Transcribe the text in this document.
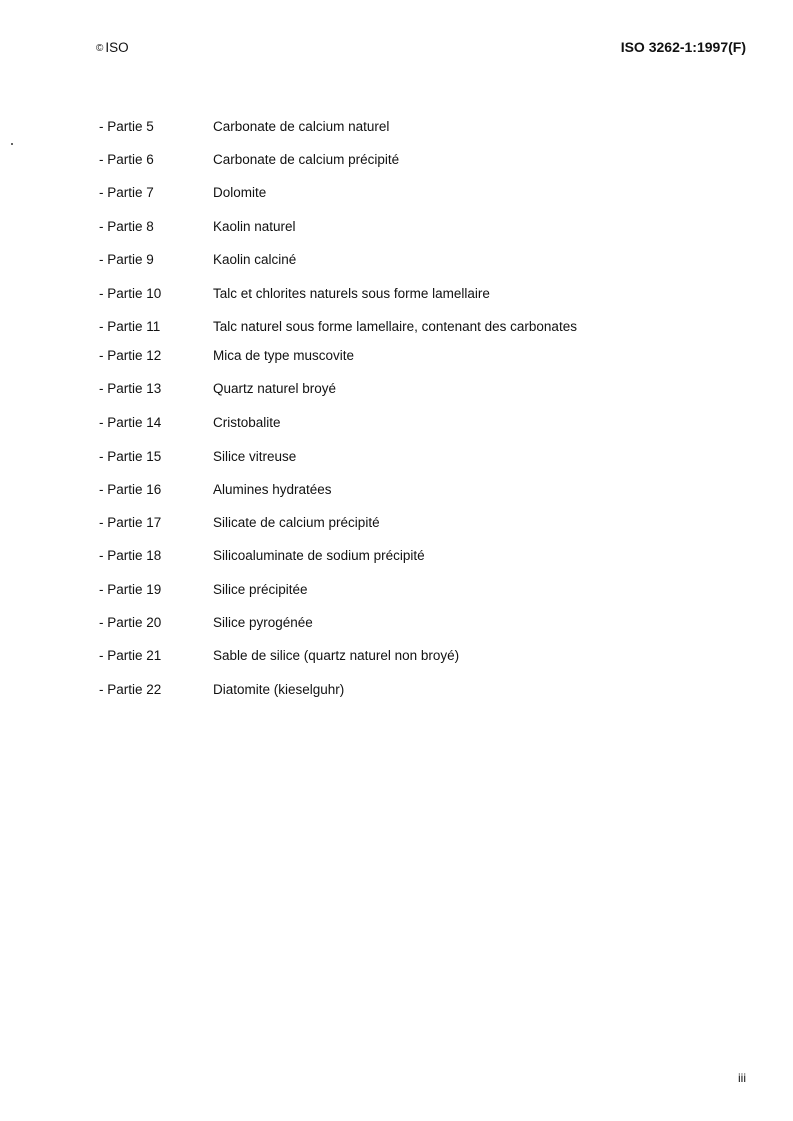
© ISO	ISO 3262-1:1997(F)
- Partie 5	Carbonate de calcium naturel
- Partie 6	Carbonate de calcium précipité
- Partie 7	Dolomite
- Partie 8	Kaolin naturel
- Partie 9	Kaolin calciné
- Partie 10	Talc et chlorites naturels sous forme lamellaire
- Partie 11	Talc naturel sous forme lamellaire, contenant des carbonates
- Partie 12	Mica de type muscovite
- Partie 13	Quartz naturel broyé
- Partie 14	Cristobalite
- Partie 15	Silice vitreuse
- Partie 16	Alumines hydratées
- Partie 17	Silicate de calcium précipité
- Partie 18	Silicoaluminate de sodium précipité
- Partie 19	Silice précipitée
- Partie 20	Silice pyrogénée
- Partie 21	Sable de silice (quartz naturel non broyé)
- Partie 22	Diatomite (kieselguhr)
iii
